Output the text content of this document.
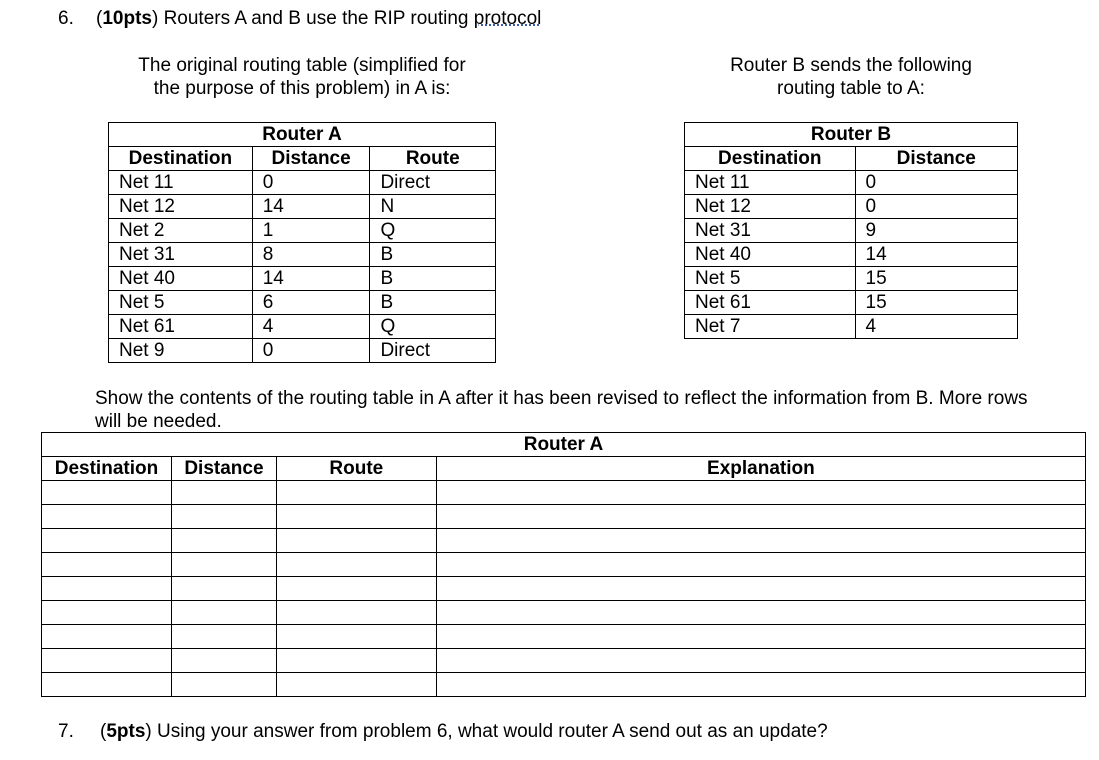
6. (10pts) Routers A and B use the RIP routing protocol
The original routing table (simplified for
the purpose of this problem) in A is:
Router B sends the following
routing table to A:
Router A		
Destination	Distance	Route
Net 11	0	Direct
Net 12	14	N
Net 2	1	Q
Net 31	8	B
Net 40	14	B
Net 5	6	B
Net 61	4	Q
Net 9	0	Direct
Router B	
Destination	Distance
Net 11	0
Net 12	0
Net 31	9
Net 40	14
Net 5	15
Net 61	15
Net 7	4
Show the contents of the routing table in A after it has been revised to reflect the information from B. More rows
will be needed.
Router A			
Destination	Distance	Route	Explanation

7. (5pts) Using your answer from problem 6, what would router A send out as an update?
